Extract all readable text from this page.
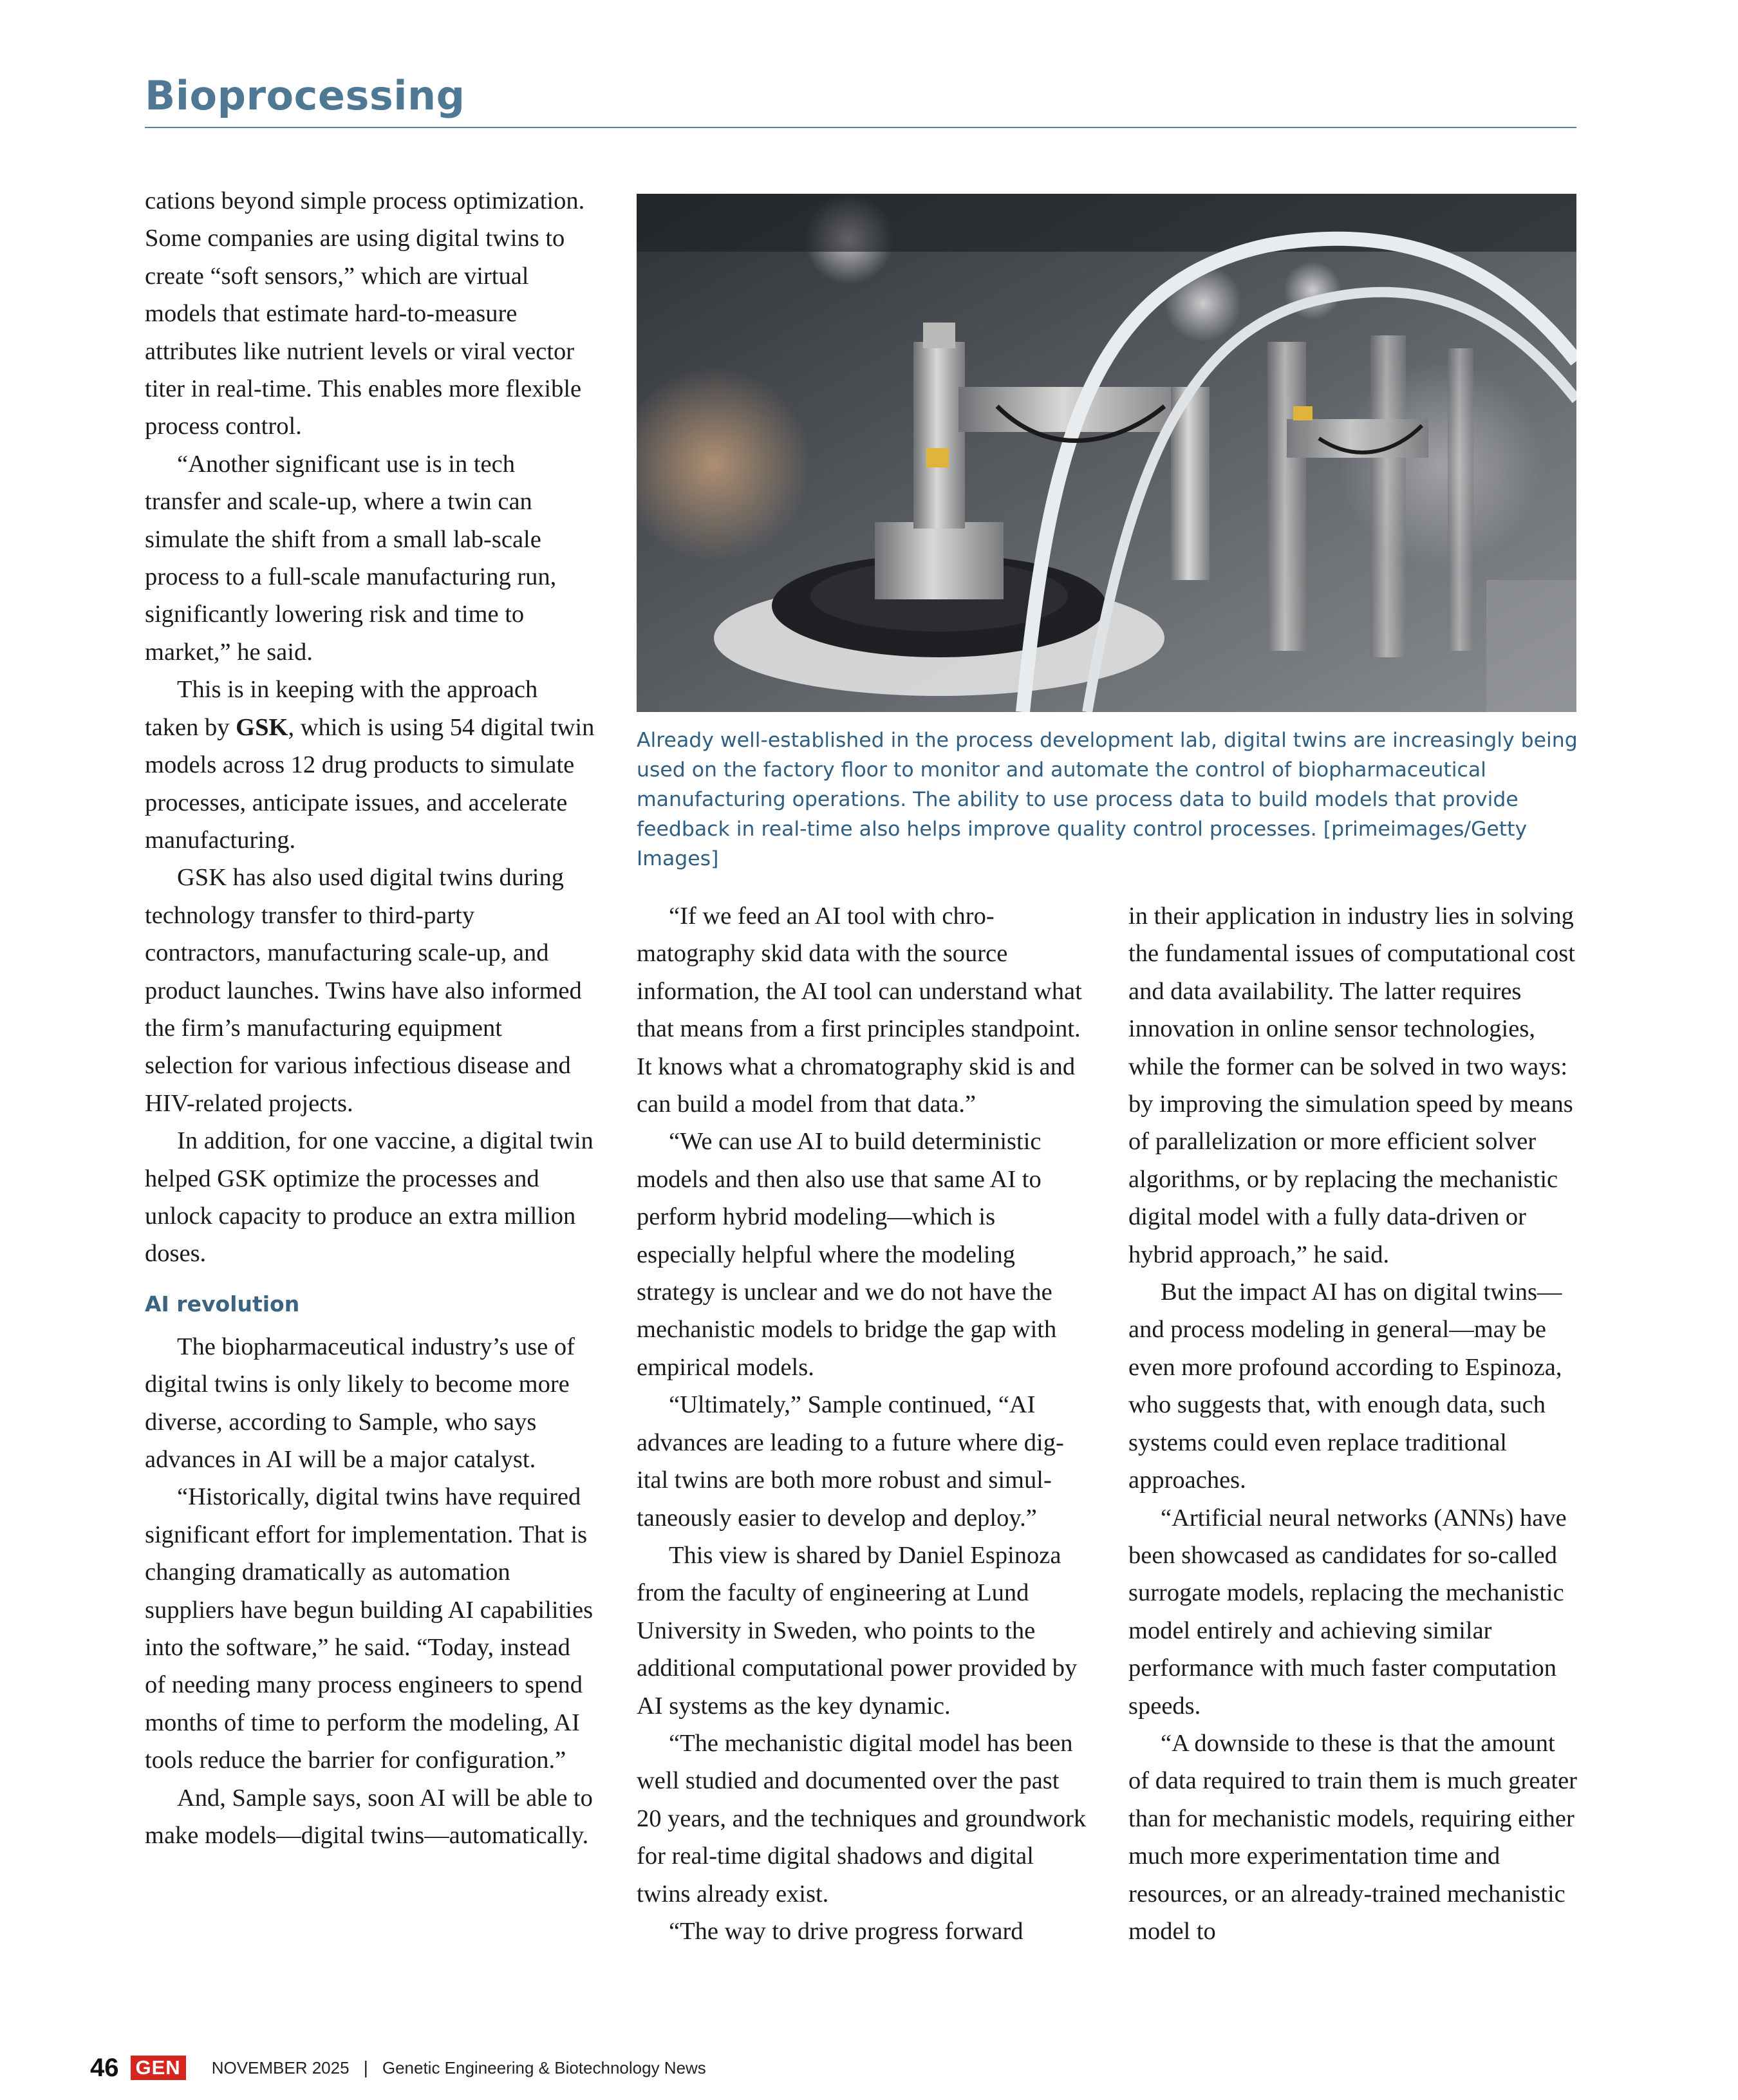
Bioprocessing

cations beyond simple process optimization. Some companies are using digital twins to create “soft sensors,” which are virtual models that estimate hard-to-measure attributes like nutrient levels or viral vector titer in real-time. This enables more flexible process control.

“Another significant use is in tech transfer and scale-up, where a twin can simulate the shift from a small lab-scale process to a full-scale manufacturing run, significantly lowering risk and time to market,” he said.

This is in keeping with the approach taken by GSK, which is using 54 digital twin models across 12 drug products to simulate processes, anticipate issues, and accelerate manufacturing.

GSK has also used digital twins during technology transfer to third-party contractors, manufacturing scale-up, and product launches. Twins have also informed the firm’s manufacturing equipment selection for various infectious disease and HIV-related projects.

In addition, for one vaccine, a digital twin helped GSK optimize the processes and unlock capacity to produce an extra million doses.

AI revolution

The biopharmaceutical industry’s use of digital twins is only likely to become more diverse, according to Sample, who says advances in AI will be a major catalyst.

“Historically, digital twins have required significant effort for implementation. That is changing dramatically as automation suppliers have begun building AI capabilities into the software,” he said. “Today, instead of needing many process engineers to spend months of time to perform the modeling, AI tools reduce the barrier for configuration.”

And, Sample says, soon AI will be able to make models—digital twins—automatically.

Already well-established in the process development lab, digital twins are increasingly being used on the factory floor to monitor and automate the control of biopharmaceutical manufacturing operations. The ability to use process data to build models that provide feedback in real-time also helps improve quality control processes. [primeimages/Getty Images]

“If we feed an AI tool with chromatography skid data with the source information, the AI tool can understand what that means from a first principles standpoint. It knows what a chromatography skid is and can build a model from that data.”

“We can use AI to build deterministic models and then also use that same AI to perform hybrid modeling—which is especially helpful where the modeling strategy is unclear and we do not have the mechanistic models to bridge the gap with empirical models.

“Ultimately,” Sample continued, “AI advances are leading to a future where digital twins are both more robust and simultaneously easier to develop and deploy.”

This view is shared by Daniel Espinoza from the faculty of engineering at Lund University in Sweden, who points to the additional computational power provided by AI systems as the key dynamic.

“The mechanistic digital model has been well studied and documented over the past 20 years, and the techniques and groundwork for real-time digital shadows and digital twins already exist.

“The way to drive progress forward

in their application in industry lies in solving the fundamental issues of computational cost and data availability. The latter requires innovation in online sensor technologies, while the former can be solved in two ways: by improving the simulation speed by means of parallelization or more efficient solver algorithms, or by replacing the mechanistic digital model with a fully data-driven or hybrid approach,” he said.

But the impact AI has on digital twins—and process modeling in general—may be even more profound according to Espinoza, who suggests that, with enough data, such systems could even replace traditional approaches.

“Artificial neural networks (ANNs) have been showcased as candidates for so-called surrogate models, replacing the mechanistic model entirely and achieving similar performance with much faster computation speeds.

“A downside to these is that the amount of data required to train them is much greater than for mechanistic models, requiring either much more experimentation time and resources, or an already-trained mechanistic model to

46 GEN	NOVEMBER 2025 | Genetic Engineering & Biotechnology News
